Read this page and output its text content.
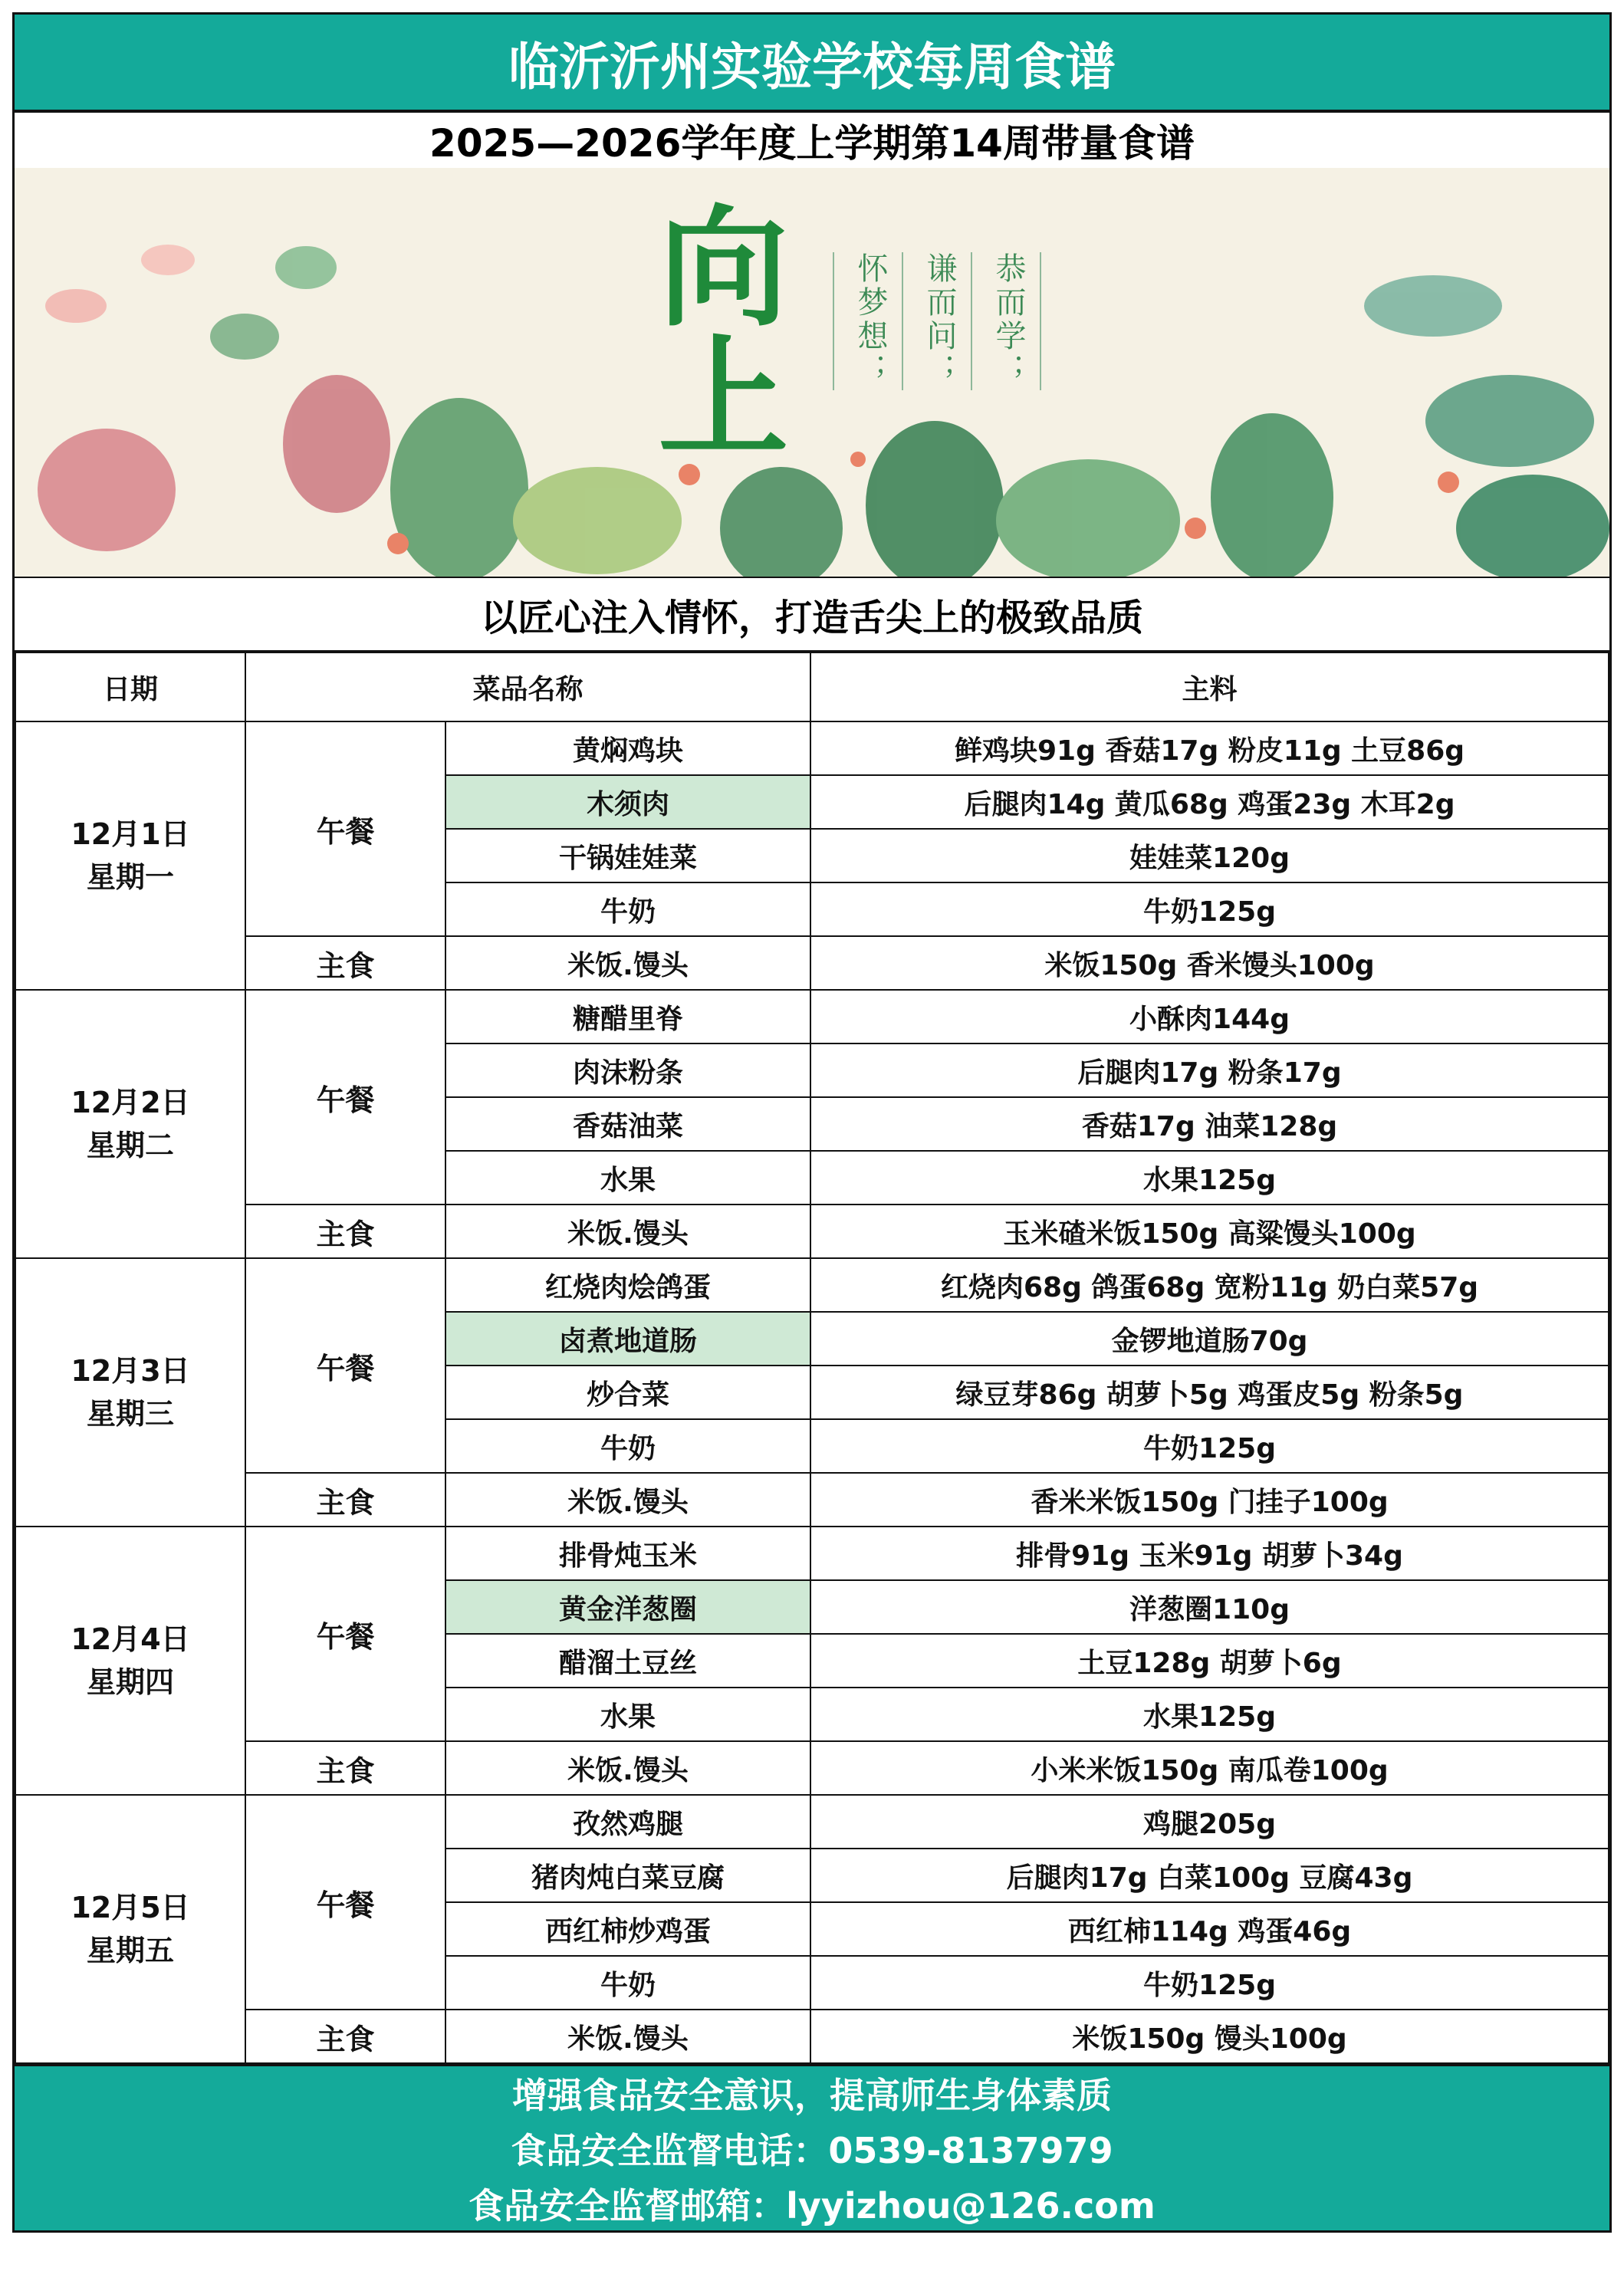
临沂沂州实验学校每周食谱
2025—2026学年度上学期第14周带量食谱
向上	恭而学；
谦而问；
怀梦想；
以匠心注入情怀，打造舌尖上的极致品质
日期	菜品名称		主料

12月1日
星期一	午餐	黄焖鸡块	鲜鸡块91g 香菇17g 粉皮11g 土豆86g
		木须肉	后腿肉14g 黄瓜68g 鸡蛋23g 木耳2g
		干锅娃娃菜	娃娃菜120g
		牛奶	牛奶125g
	主食	米饭.馒头	米饭150g 香米馒头100g

12月2日
星期二	午餐	糖醋里脊	小酥肉144g
		肉沫粉条	后腿肉17g 粉条17g
		香菇油菜	香菇17g 油菜128g
		水果	水果125g
	主食	米饭.馒头	玉米碴米饭150g 高粱馒头100g

12月3日
星期三	午餐	红烧肉烩鸽蛋	红烧肉68g 鸽蛋68g 宽粉11g 奶白菜57g
		卤煮地道肠	金锣地道肠70g
		炒合菜	绿豆芽86g 胡萝卜5g 鸡蛋皮5g 粉条5g
		牛奶	牛奶125g
	主食	米饭.馒头	香米米饭150g 门挂子100g

12月4日
星期四	午餐	排骨炖玉米	排骨91g 玉米91g 胡萝卜34g
		黄金洋葱圈	洋葱圈110g
		醋溜土豆丝	土豆128g 胡萝卜6g
		水果	水果125g
	主食	米饭.馒头	小米米饭150g 南瓜卷100g

12月5日
星期五	午餐	孜然鸡腿	鸡腿205g
		猪肉炖白菜豆腐	后腿肉17g 白菜100g 豆腐43g
		西红柿炒鸡蛋	西红柿114g 鸡蛋46g
		牛奶	牛奶125g
	主食	米饭.馒头	米饭150g 馒头100g
增强食品安全意识，提高师生身体素质
食品安全监督电话：0539-8137979
食品安全监督邮箱：lyyizhou@126.com
